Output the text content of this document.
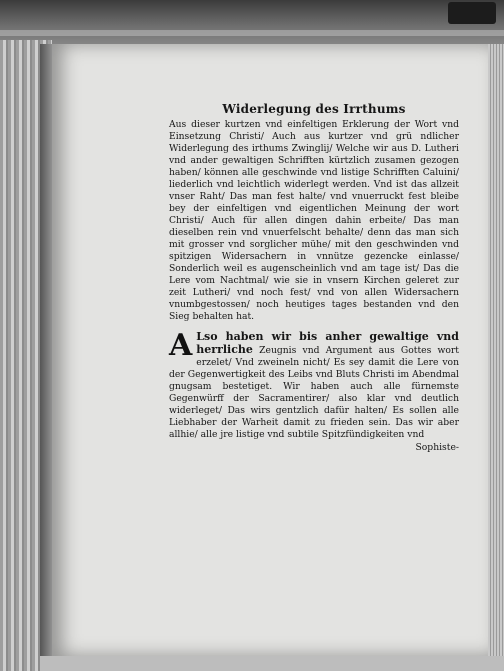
Widerlegung des Irrthums

Aus dieser kurtzen vnd einfeltigen Erklerung der Wort vnd Einsetzung Christi/ Auch aus kurtzer vnd grü ndlicher Widerlegung des irthums Zwinglij/ Welche wir aus D. Lutheri vnd ander gewaltigen Schrifften kürtzlich zusamen gezogen haben/ können alle geschwinde vnd listige Schrifften Caluini/ liederlich vnd leichtlich widerlegt werden. Vnd ist das allzeit vnser Raht/ Das man fest halte/ vnd vnuerruckt fest bleibe bey der einfeltigen vnd eigentlichen Meinung der wort Christi/ Auch für allen dingen dahin erbeite/ Das man dieselben rein vnd vnuerfelscht behalte/ denn das man sich mit grosser vnd sorglicher mühe/ mit den geschwinden vnd spitzigen Widersachern in vnnütze gezencke einlasse/ Sonderlich weil es augenscheinlich vnd am tage ist/ Das die Lere vom Nachtmal/ wie sie in vnsern Kirchen geleret zur zeit Lutheri/ vnd noch fest/ vnd von allen Widersachern vnumbgestossen/ noch heutiges tages bestanden vnd den Sieg behalten hat.

A Lso haben wir bis anher gewaltige vnd herrliche Zeugnis vnd Argument aus Gottes wort erzelet/ Vnd zweineln nicht/ Es sey damit die Lere von der Gegenwertigkeit des Leibs vnd Bluts Christi im Abendmal gnugsam bestetiget. Wir haben auch alle fürnemste Gegenwürff der Sacramentirer/ also klar vnd deutlich widerleget/ Das wirs gentzlich dafür halten/ Es sollen alle Liebhaber der Warheit damit zu frieden sein. Das wir aber allhie/ alle jre listige vnd subtile Spitzfündigkeiten vnd

Sophiste-
